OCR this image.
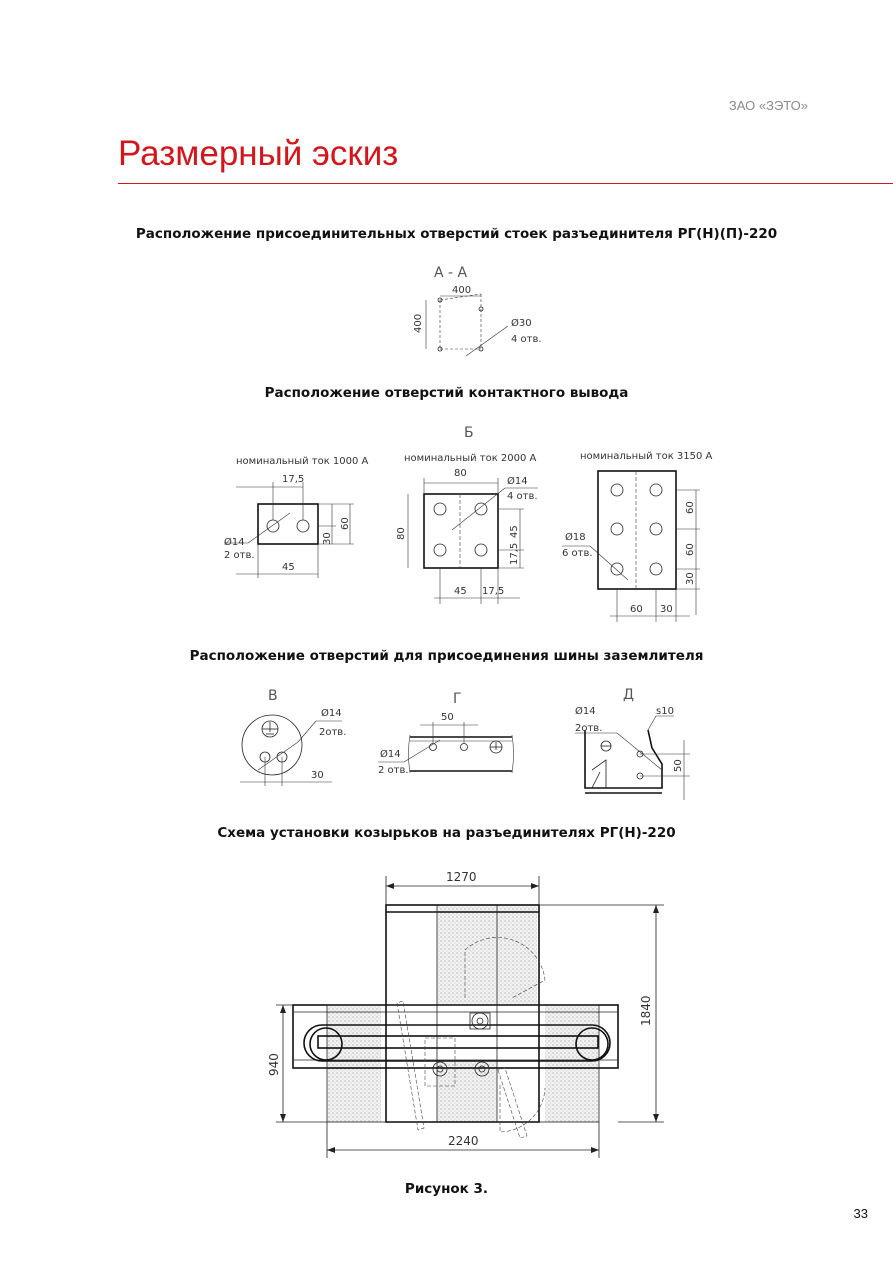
ЗАО «ЗЭТО»
Размерный эскиз
Расположение присоединительных отверстий стоек разъединителя РГ(Н)(П)-220
Расположение отверстий контактного вывода
Расположение отверстий для присоединения шины заземлителя
Схема установки козырьков на разъединителях РГ(Н)-220
А - А
400
400	Ø30
4 отв.
Б
номинальный ток 1000 А
17,5
30
60
45
Ø14
2 отв.
номинальный ток 2000 А
80
80	45
17,5
45 17,5
Ø14
4 отв.
номинальный ток 3150 А
60
60
30
60 30
Ø18
6 отв.
В
Ø14
2отв.
30
Г
50
Ø14
2 отв.
Д
Ø14
2отв.
50
s10
1270
1840
940
2240
Рисунок 3.
33
